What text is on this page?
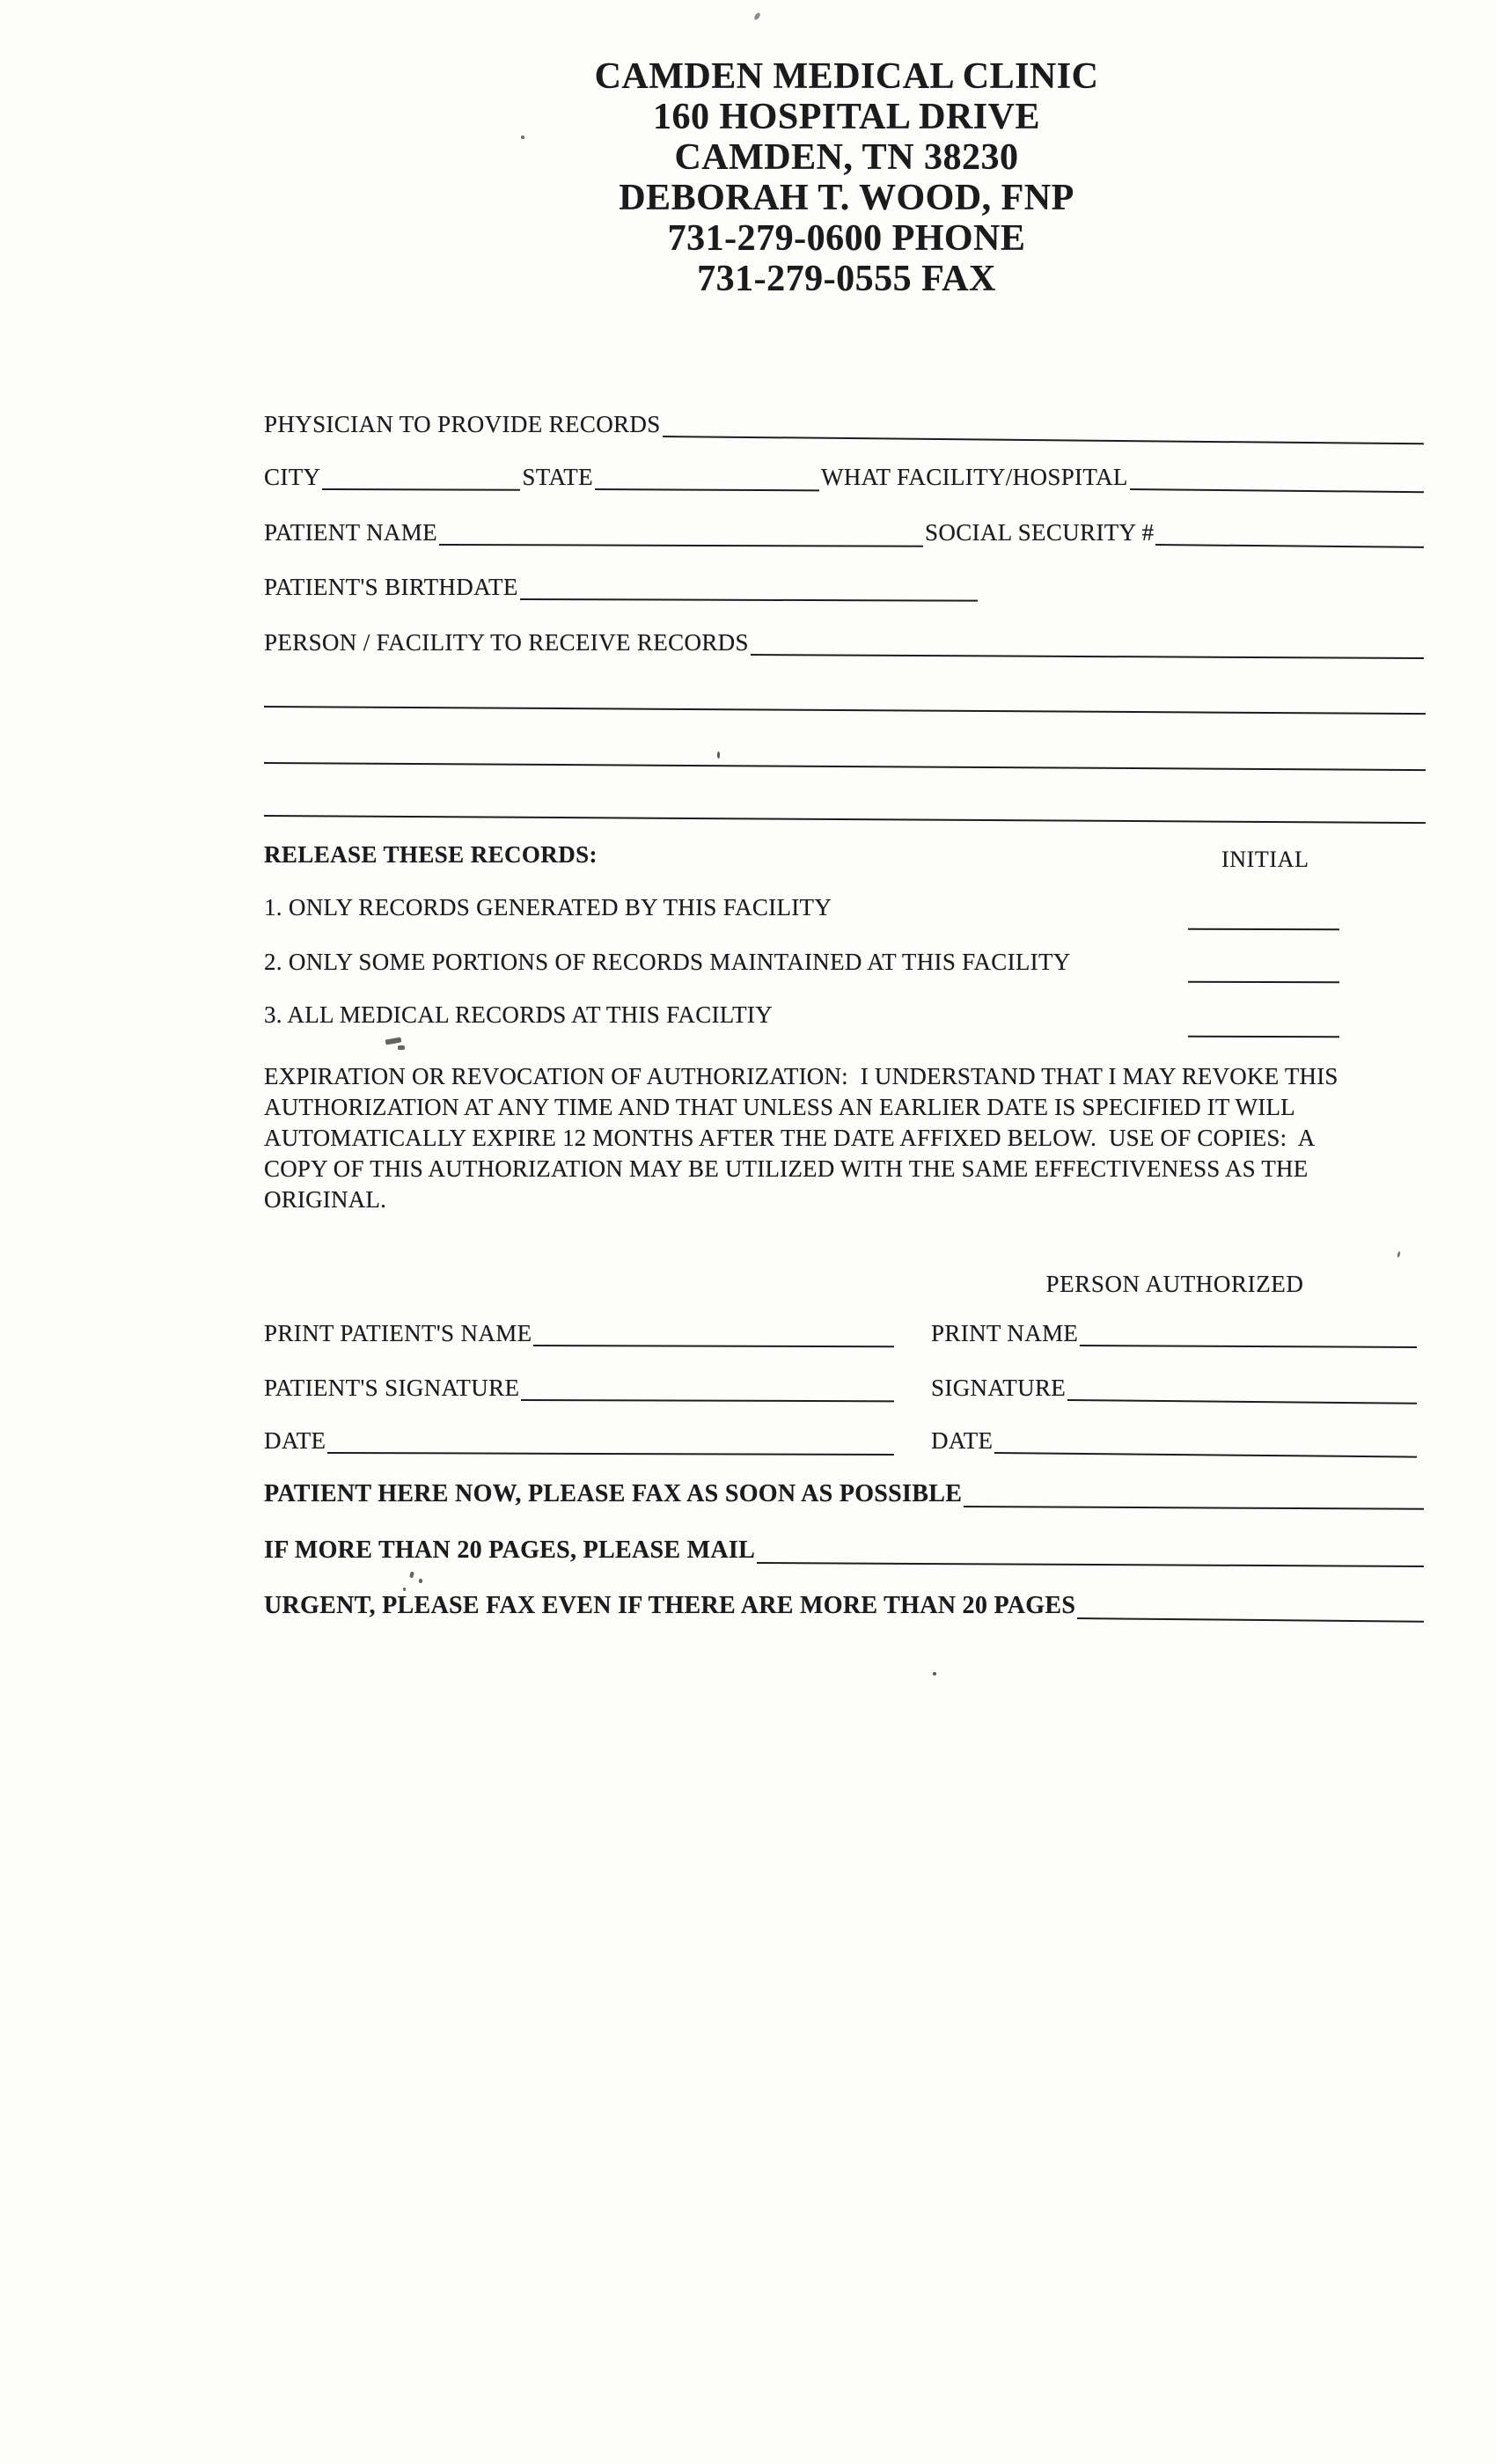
CAMDEN MEDICAL CLINIC
160 HOSPITAL DRIVE
CAMDEN, TN 38230
DEBORAH T. WOOD, FNP
731-279-0600 PHONE
731-279-0555 FAX
PHYSICIAN TO PROVIDE RECORDS
CITY	STATE	WHAT FACILITY/HOSPITAL
PATIENT NAME	SOCIAL SECURITY #
PATIENT'S BIRTHDATE
PERSON / FACILITY TO RECEIVE RECORDS
RELEASE THESE RECORDS:	INITIAL
1. ONLY RECORDS GENERATED BY THIS FACILITY
2. ONLY SOME PORTIONS OF RECORDS MAINTAINED AT THIS FACILITY
3. ALL MEDICAL RECORDS AT THIS FACILTIY
EXPIRATION OR REVOCATION OF AUTHORIZATION:  I UNDERSTAND THAT I MAY REVOKE THIS
AUTHORIZATION AT ANY TIME AND THAT UNLESS AN EARLIER DATE IS SPECIFIED IT WILL
AUTOMATICALLY EXPIRE 12 MONTHS AFTER THE DATE AFFIXED BELOW.  USE OF COPIES:  A
COPY OF THIS AUTHORIZATION MAY BE UTILIZED WITH THE SAME EFFECTIVENESS AS THE
ORIGINAL.
PERSON AUTHORIZED
PRINT PATIENT'S NAME	PRINT NAME
PATIENT'S SIGNATURE	SIGNATURE
DATE	DATE
PATIENT HERE NOW, PLEASE FAX AS SOON AS POSSIBLE
IF MORE THAN 20 PAGES, PLEASE MAIL
URGENT, PLEASE FAX EVEN IF THERE ARE MORE THAN 20 PAGES
